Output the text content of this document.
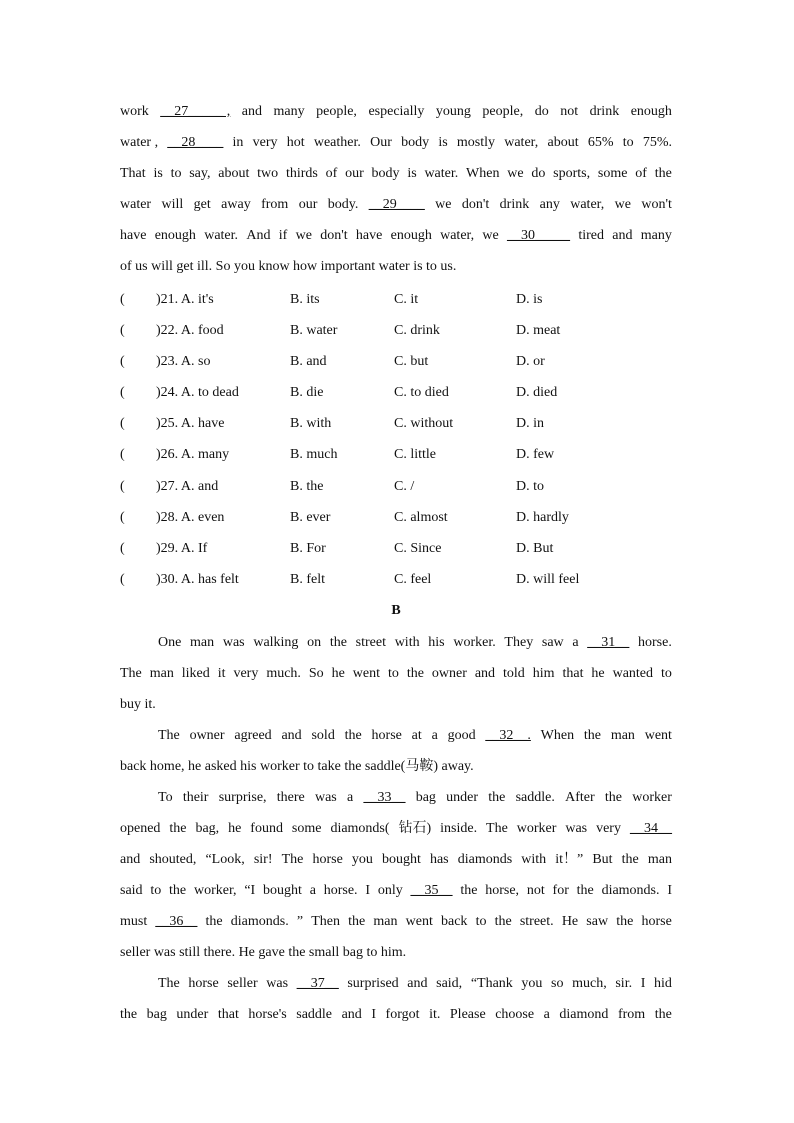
work __27_____ , and many people, especially young people, do not drink enough
water , __28____ in very hot weather. Our body is mostly water, about 65% to 75%.
That is to say, about two thirds of our body is water. When we do sports, some of the
water will get away from our body. __29____ we don't drink any water, we won't
have enough water. And if we don't have enough water, we __30_____ tired and many
of us will get ill. So you know how important water is to us.
( )21. A. it's	B. its	C. it	D. is
( )22. A. food	B. water	C. drink	D. meat
( )23. A. so	B. and	C. but	D. or
( )24. A. to dead	B. die	C. to died	D. died
( )25. A. have	B. with	C. without	D. in
( )26. A. many	B. much	C. little	D. few
( )27. A. and	B. the	C. /	D. to
( )28. A. even	B. ever	C. almost	D. hardly
( )29. A. If	B. For	C. Since	D. But
( )30. A. has felt	B. felt	C. feel	D. will feel
B
One man was walking on the street with his worker. They saw a __31__ horse.
The man liked it very much. So he went to the owner and told him that he wanted to
buy it.
The owner agreed and sold the horse at a good __32__. When the man went
back home, he asked his worker to take the saddle(马鞍) away.
To their surprise, there was a __33__ bag under the saddle. After the worker
opened the bag, he found some diamonds( 钻石) inside. The worker was very __34__
and shouted, “Look, sir! The horse you bought has diamonds with it！” But the man
said to the worker, “I bought a horse. I only __35__ the horse, not for the diamonds. I
must __36__ the diamonds. ” Then the man went back to the street. He saw the horse
seller was still there. He gave the small bag to him.
The horse seller was __37__ surprised and said, “Thank you so much, sir. I hid
the bag under that horse's saddle and I forgot it. Please choose a diamond from the
